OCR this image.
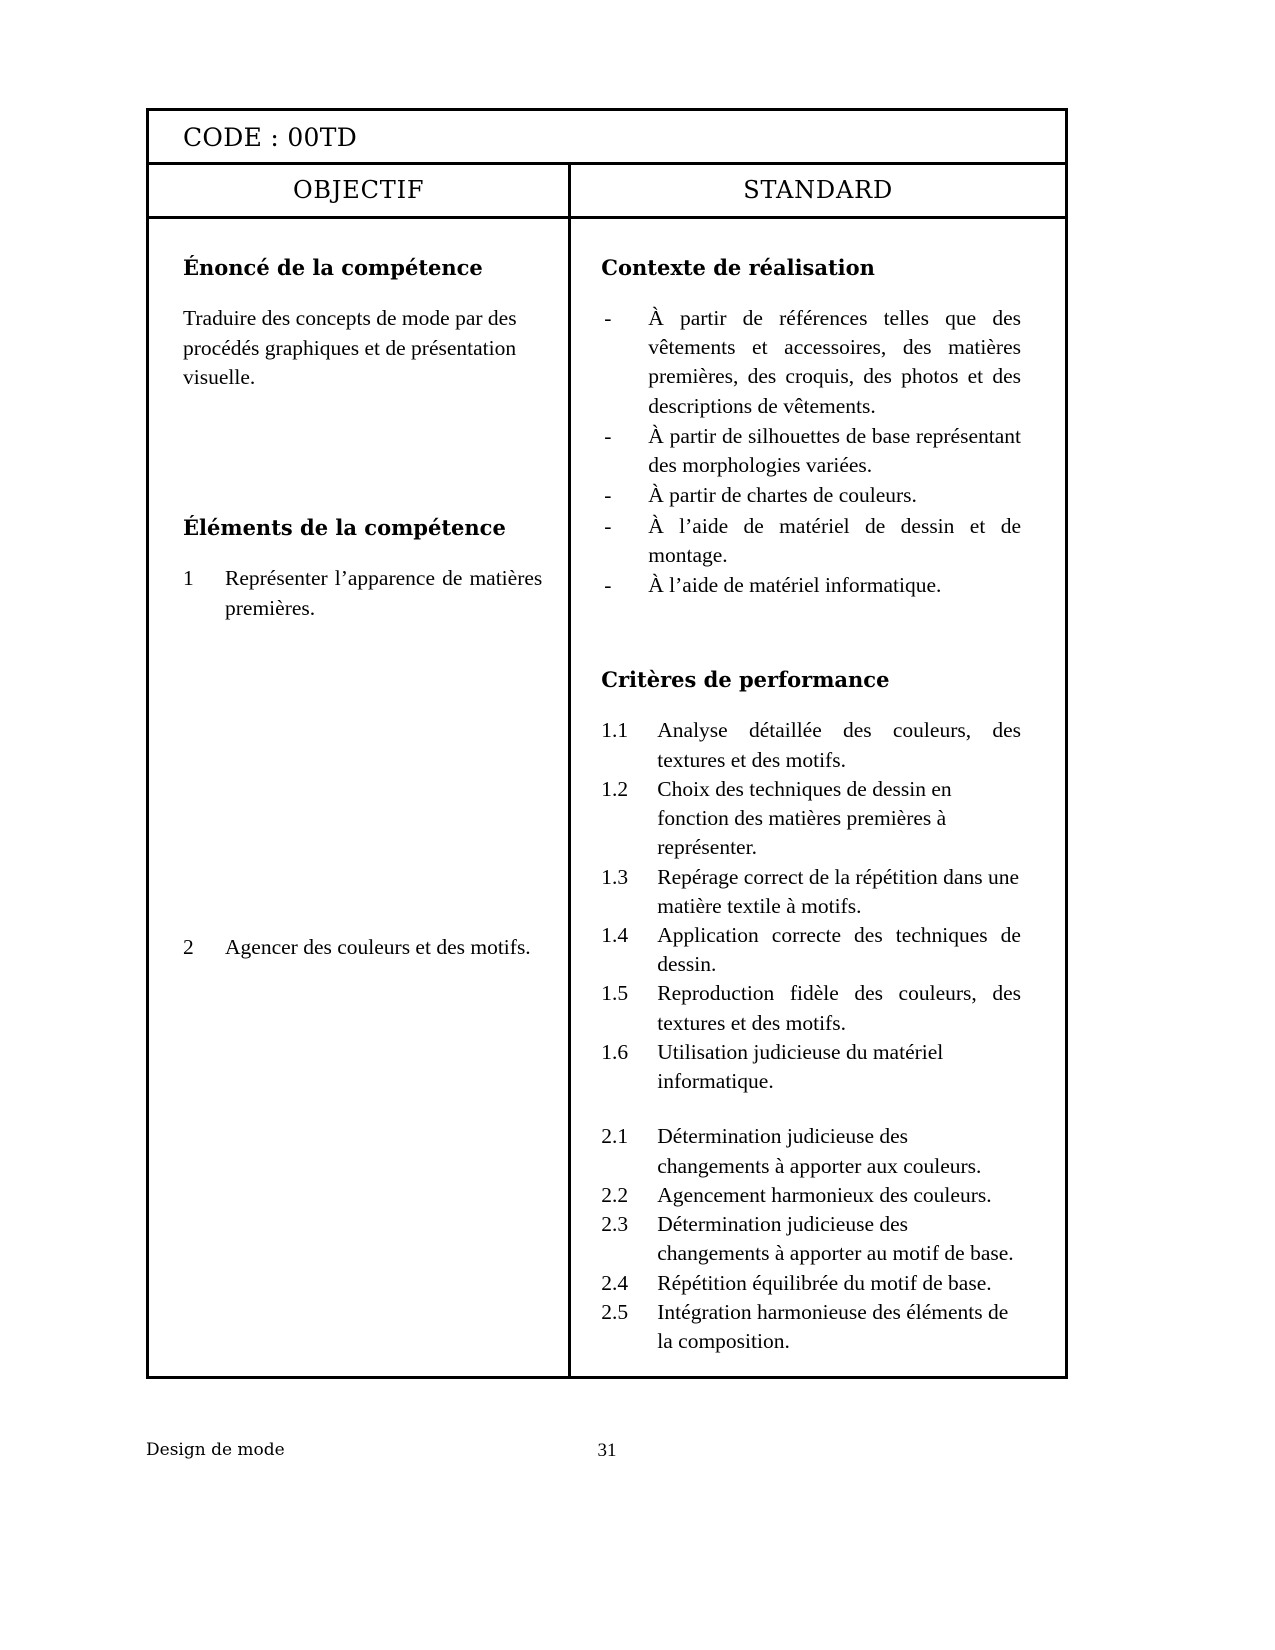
CODE : 00TD
OBJECTIF	STANDARD
Énoncé de la compétence

Traduire des concepts de mode par des procédés graphiques et de présentation visuelle.

Éléments de la compétence
1	Représenter l’apparence de matières premières.
2	Agencer des couleurs et des motifs.
Contexte de réalisation
-	À partir de références telles que des vêtements et accessoires, des matières premières, des croquis, des photos et des descriptions de vêtements.
-	À partir de silhouettes de base représentant des morphologies variées.
-	À partir de chartes de couleurs.
-	À l’aide de matériel de dessin et de montage.
-	À l’aide de matériel informatique.
Critères de performance
1.1	Analyse détaillée des couleurs, des textures et des motifs.
1.2	Choix des techniques de dessin en fonction des matières premières à représenter.
1.3	Repérage correct de la répétition dans une matière textile à motifs.
1.4	Application correcte des techniques de dessin.
1.5	Reproduction fidèle des couleurs, des textures et des motifs.
1.6	Utilisation judicieuse du matériel informatique.
2.1	Détermination judicieuse des changements à apporter aux couleurs.
2.2	Agencement harmonieux des couleurs.
2.3	Détermination judicieuse des changements à apporter au motif de base.
2.4	Répétition équilibrée du motif de base.
2.5	Intégration harmonieuse des éléments de la composition.
Design de mode	31
